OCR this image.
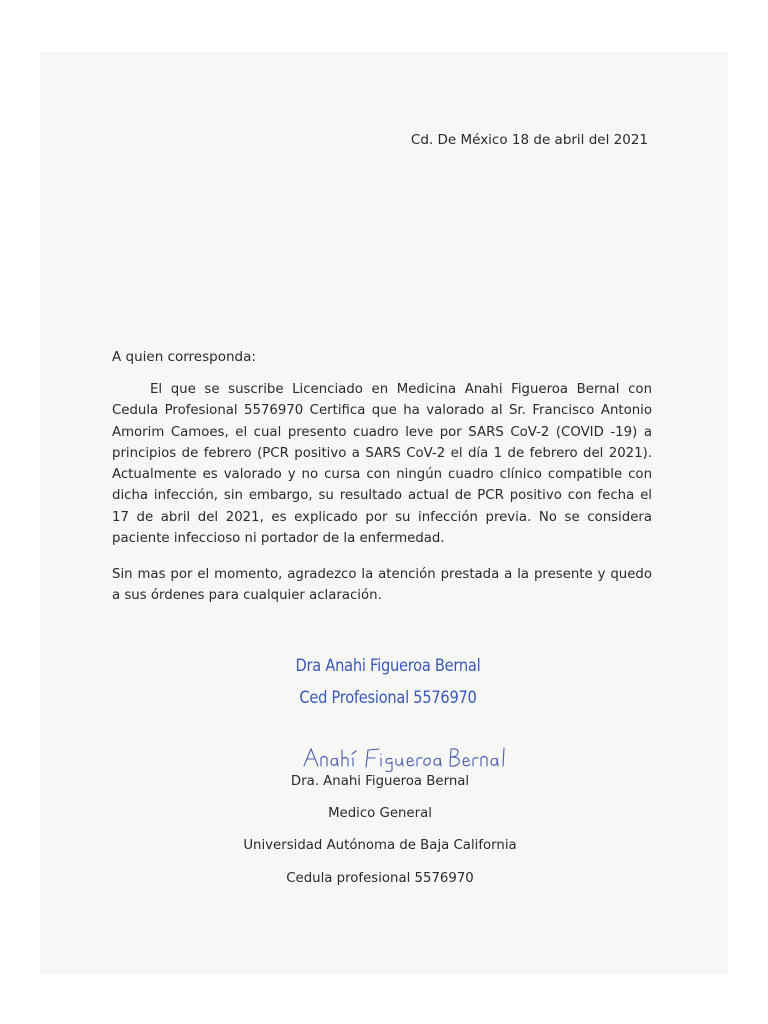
Cd. De México 18 de abril del 2021

A quien corresponda:

El que se suscribe Licenciado en Medicina Anahi Figueroa Bernal con Cedula Profesional 5576970 Certifica que ha valorado al Sr. Francisco Antonio Amorim Camoes, el cual presento cuadro leve por SARS CoV-2 (COVID -19) a principios de febrero (PCR positivo a SARS CoV-2 el día 1 de febrero del 2021). Actualmente es valorado y no cursa con ningún cuadro clínico compatible con dicha infección, sin embargo, su resultado actual de PCR positivo con fecha el 17 de abril del 2021, es explicado por su infección previa. No se considera paciente infeccioso ni portador de la enfermedad.

Sin mas por el momento, agradezco la atención prestada a la presente y quedo a sus órdenes para cualquier aclaración.

Dra Anahi Figueroa Bernal

Ced Profesional 5576970

Dra. Anahi Figueroa Bernal

Medico General

Universidad Autónoma de Baja California

Cedula profesional 5576970
